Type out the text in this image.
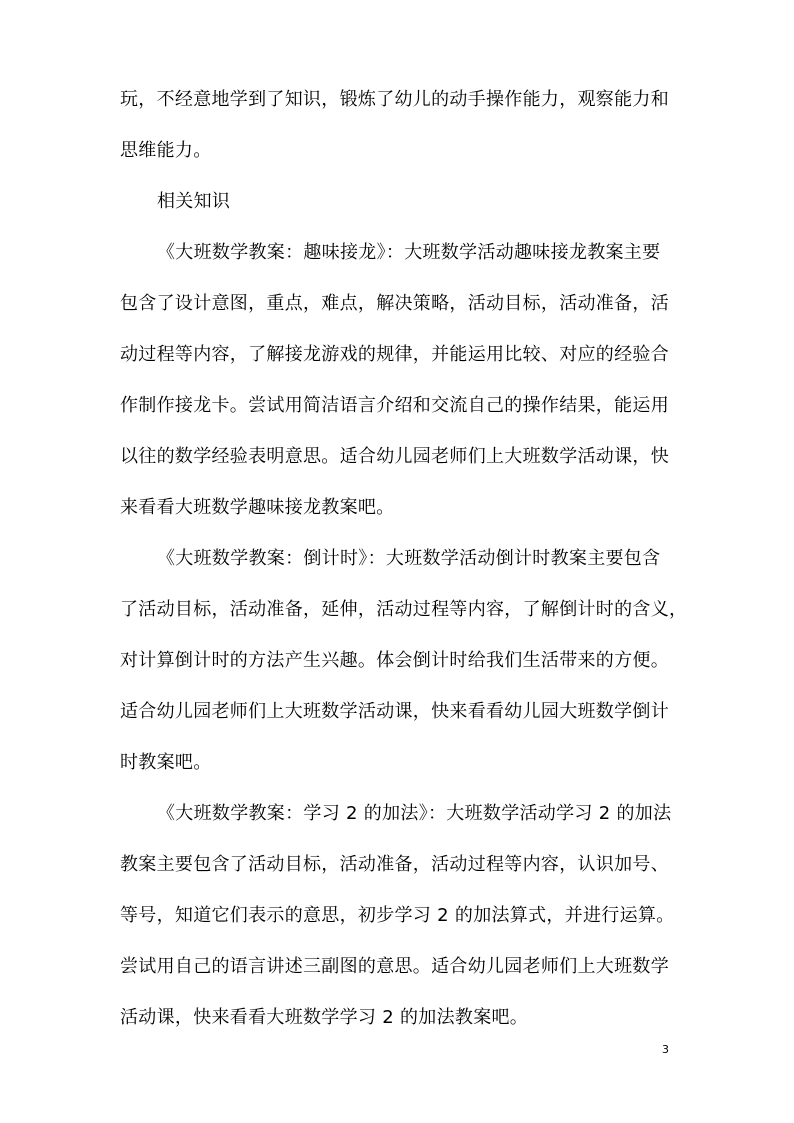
玩，不经意地学到了知识，锻炼了幼儿的动手操作能力，观察能力和
思维能力。
相关知识
《大班数学教案：趣味接龙》：大班数学活动趣味接龙教案主要
包含了设计意图，重点，难点，解决策略，活动目标，活动准备，活
动过程等内容，了解接龙游戏的规律，并能运用比较、对应的经验合
作制作接龙卡。尝试用简洁语言介绍和交流自己的操作结果，能运用
以往的数学经验表明意思。适合幼儿园老师们上大班数学活动课，快
来看看大班数学趣味接龙教案吧。
《大班数学教案：倒计时》：大班数学活动倒计时教案主要包含
了活动目标，活动准备，延伸，活动过程等内容，了解倒计时的含义，
对计算倒计时的方法产生兴趣。体会倒计时给我们生活带来的方便。
适合幼儿园老师们上大班数学活动课，快来看看幼儿园大班数学倒计
时教案吧。
《大班数学教案：学习 2 的加法》：大班数学活动学习 2 的加法
教案主要包含了活动目标，活动准备，活动过程等内容，认识加号、
等号，知道它们表示的意思，初步学习 2 的加法算式，并进行运算。
尝试用自己的语言讲述三副图的意思。适合幼儿园老师们上大班数学
活动课，快来看看大班数学学习 2 的加法教案吧。
3
